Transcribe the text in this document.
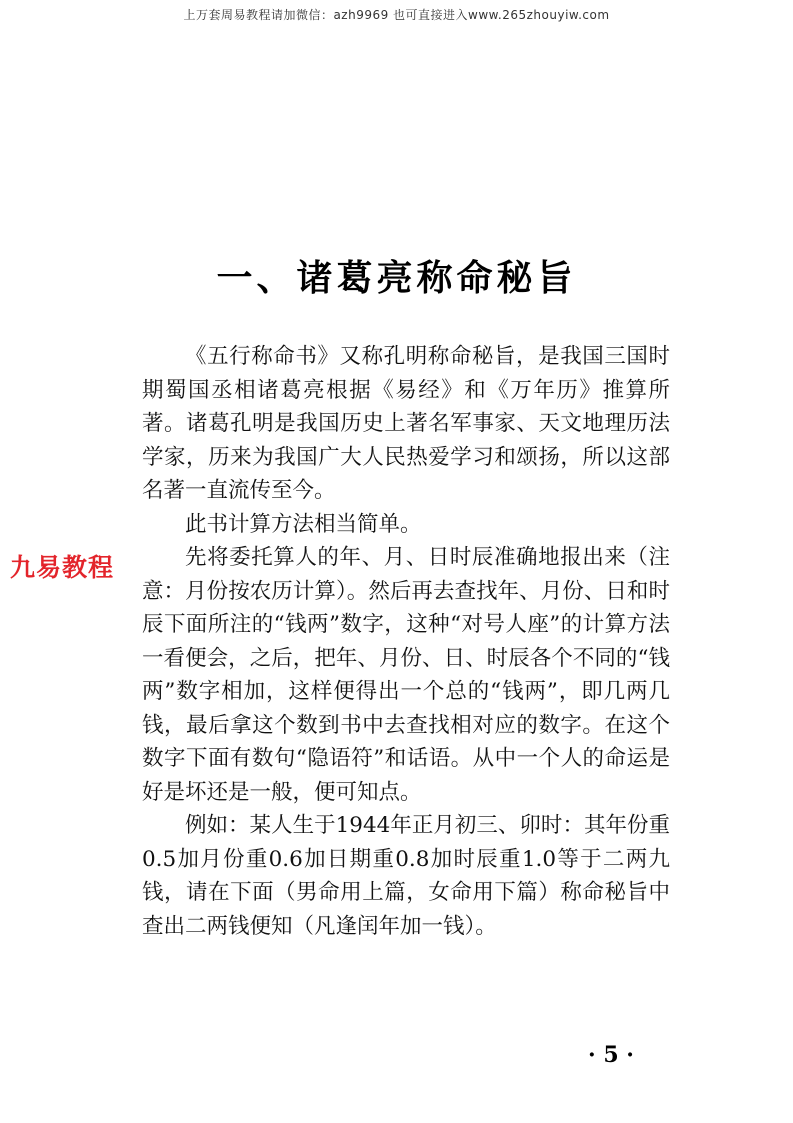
上万套周易教程请加微信：azh9969 也可直接进入www.265zhouyiw.com
一、诸葛亮称命秘旨

《五行称命书》又称孔明称命秘旨，是我国三国时期蜀国丞相诸葛亮根据《易经》和《万年历》推算所著。诸葛孔明是我国历史上著名军事家、天文地理历法学家，历来为我国广大人民热爱学习和颂扬，所以这部名著一直流传至今。

此书计算方法相当简单。

先将委托算人的年、月、日时辰准确地报出来（注意：月份按农历计算）。然后再去查找年、月份、日和时辰下面所注的“钱两”数字，这种“对号人座”的计算方法一看便会，之后，把年、月份、日、时辰各个不同的“钱两”数字相加，这样便得出一个总的“钱两”，即几两几钱，最后拿这个数到书中去查找相对应的数字。在这个数字下面有数句“隐语符”和话语。从中一个人的命运是好是坏还是一般，便可知点。

例如：某人生于1944年正月初三、卯时：其年份重0.5加月份重0.6加日期重0.8加时辰重1.0等于二两九钱，请在下面（男命用上篇，女命用下篇）称命秘旨中查出二两钱便知（凡逢闰年加一钱）。

九易教程
· 5 ·
